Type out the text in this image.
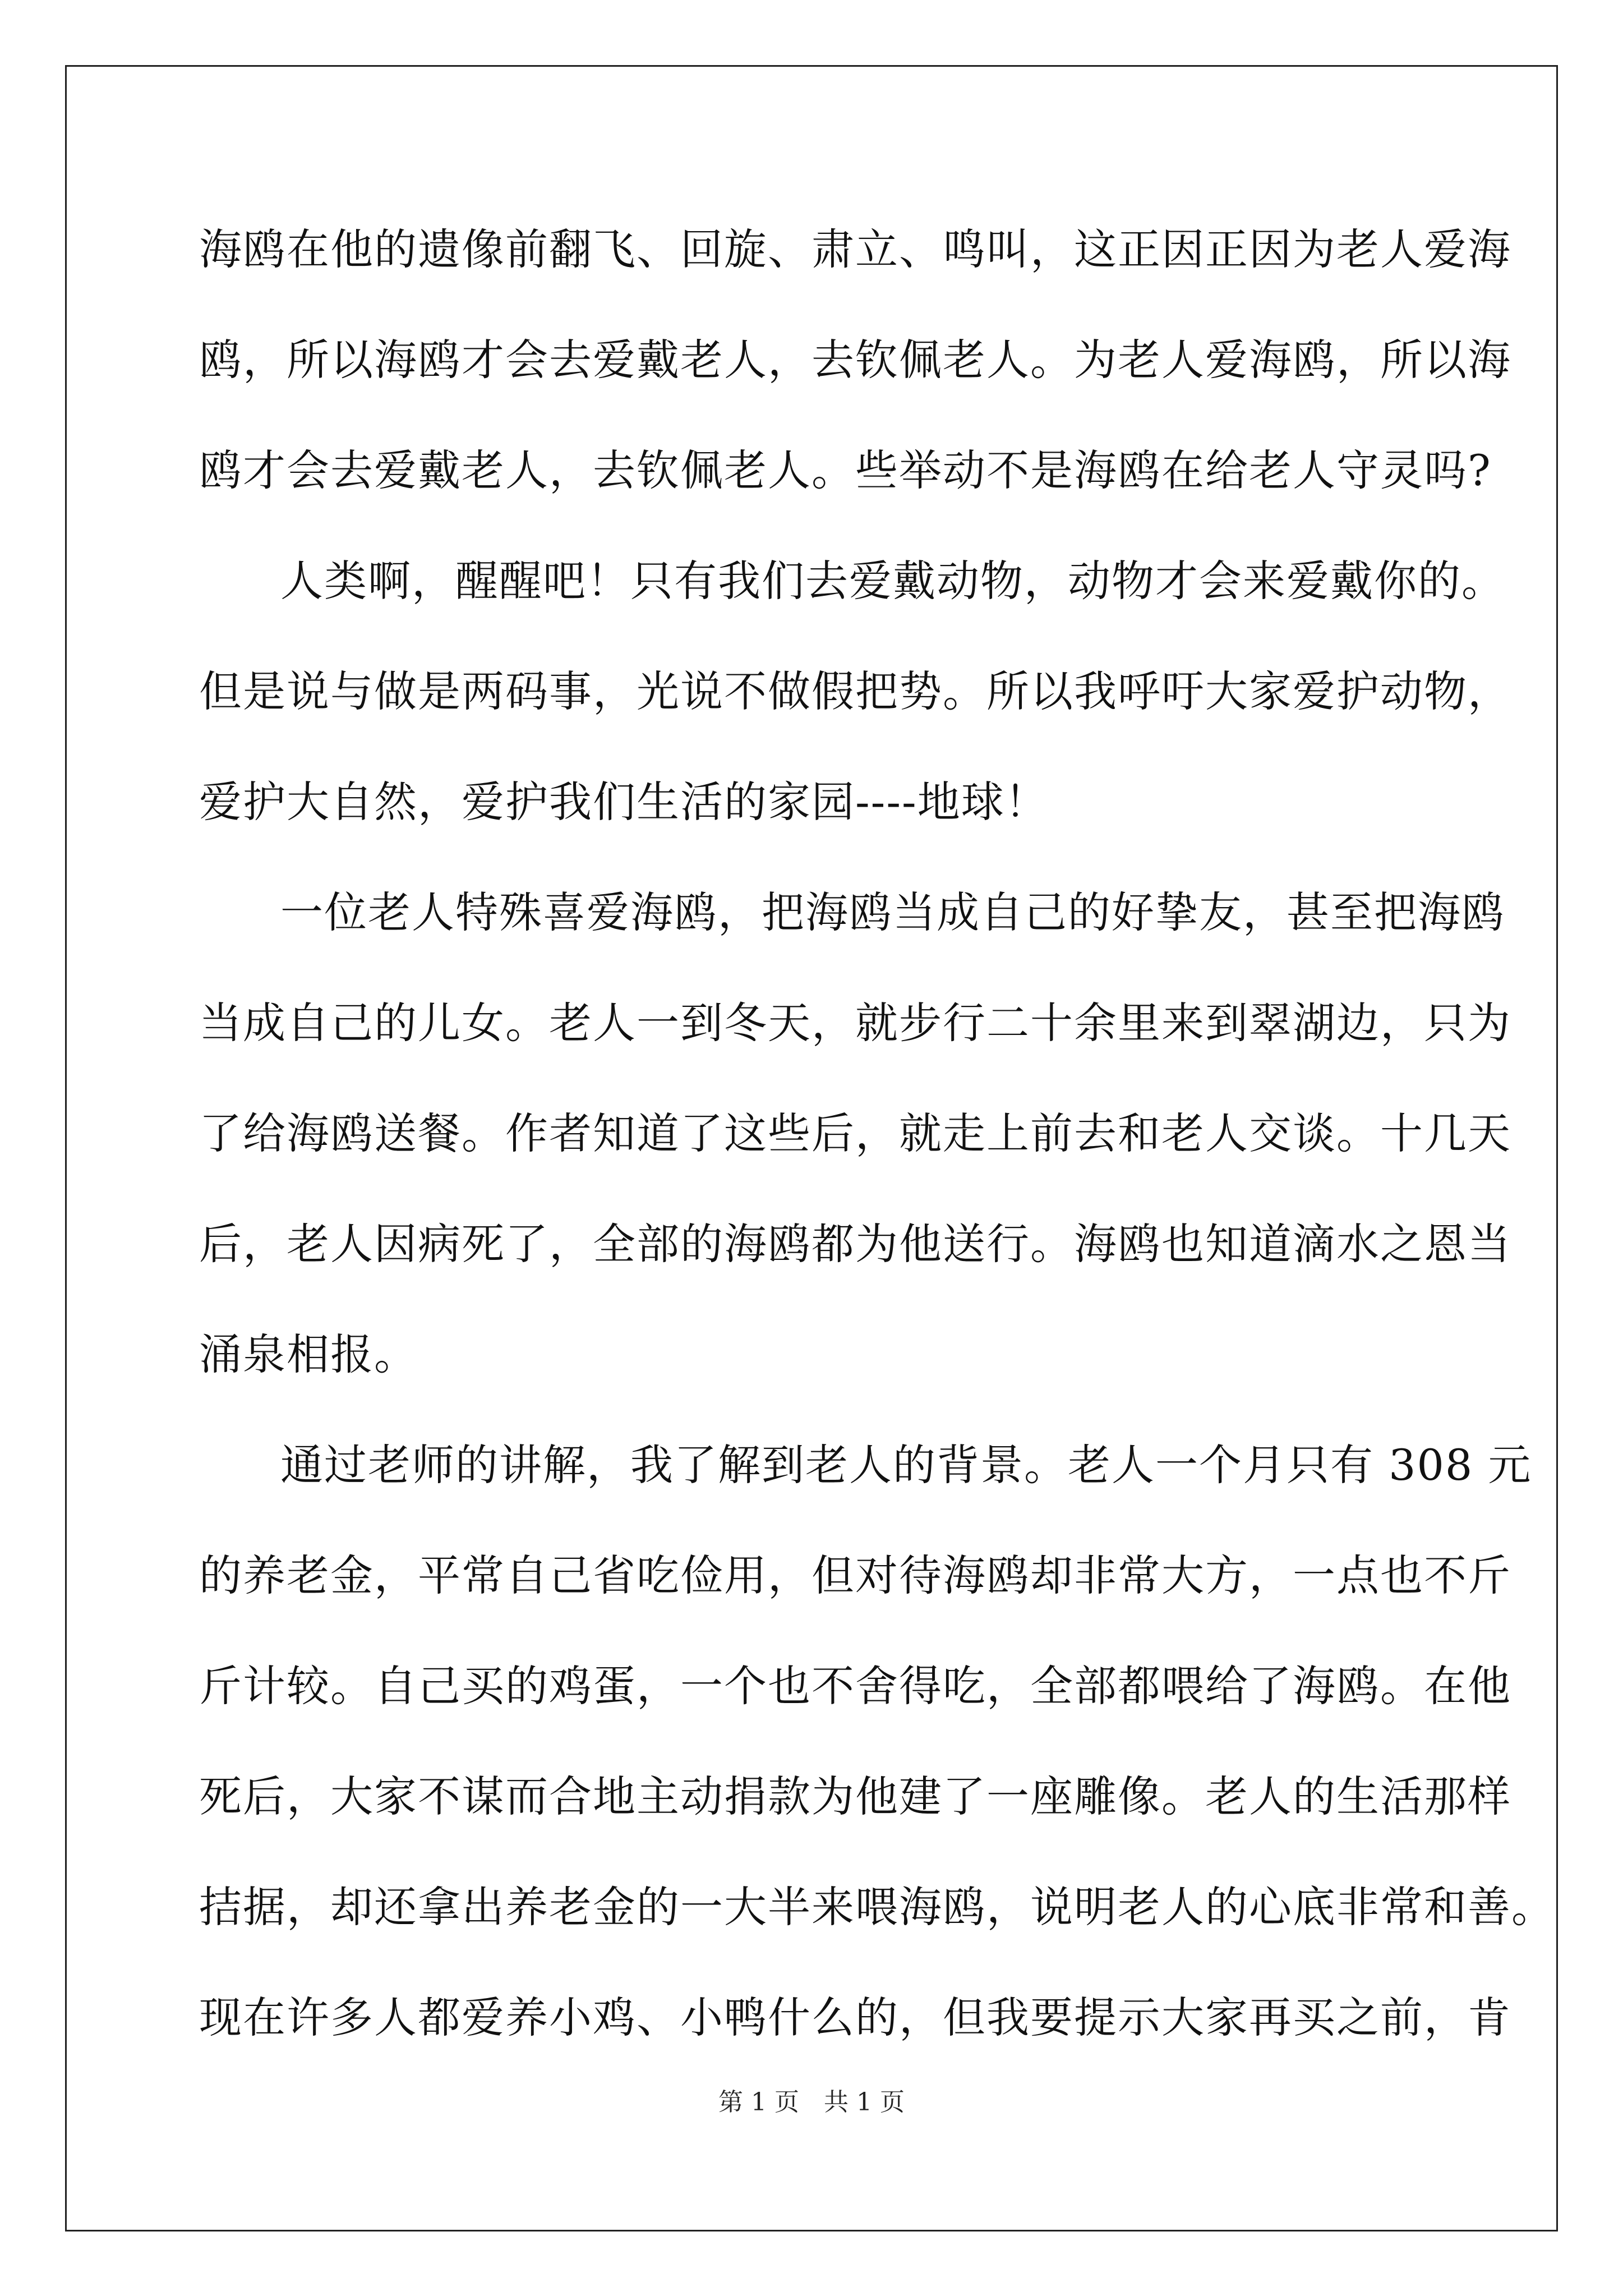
海鸥在他的遗像前翻飞、回旋、肃立、鸣叫，这正因正因为老人爱海
鸥，所以海鸥才会去爱戴老人，去钦佩老人。为老人爱海鸥，所以海
鸥才会去爱戴老人，去钦佩老人。些举动不是海鸥在给老人守灵吗?
人类啊，醒醒吧！只有我们去爱戴动物，动物才会来爱戴你的。
但是说与做是两码事，光说不做假把势。所以我呼吁大家爱护动物，
爱护大自然，爱护我们生活的家园----地球！
一位老人特殊喜爱海鸥，把海鸥当成自己的好挚友，甚至把海鸥
当成自己的儿女。老人一到冬天，就步行二十余里来到翠湖边，只为
了给海鸥送餐。作者知道了这些后，就走上前去和老人交谈。十几天
后，老人因病死了，全部的海鸥都为他送行。海鸥也知道滴水之恩当
涌泉相报。
通过老师的讲解，我了解到老人的背景。老人一个月只有 308 元
的养老金，平常自己省吃俭用，但对待海鸥却非常大方，一点也不斤
斤计较。自己买的鸡蛋，一个也不舍得吃，全部都喂给了海鸥。在他
死后，大家不谋而合地主动捐款为他建了一座雕像。老人的生活那样
拮据，却还拿出养老金的一大半来喂海鸥，说明老人的心底非常和善。
现在许多人都爱养小鸡、小鸭什么的，但我要提示大家再买之前，肯
第 1 页　共 1 页
